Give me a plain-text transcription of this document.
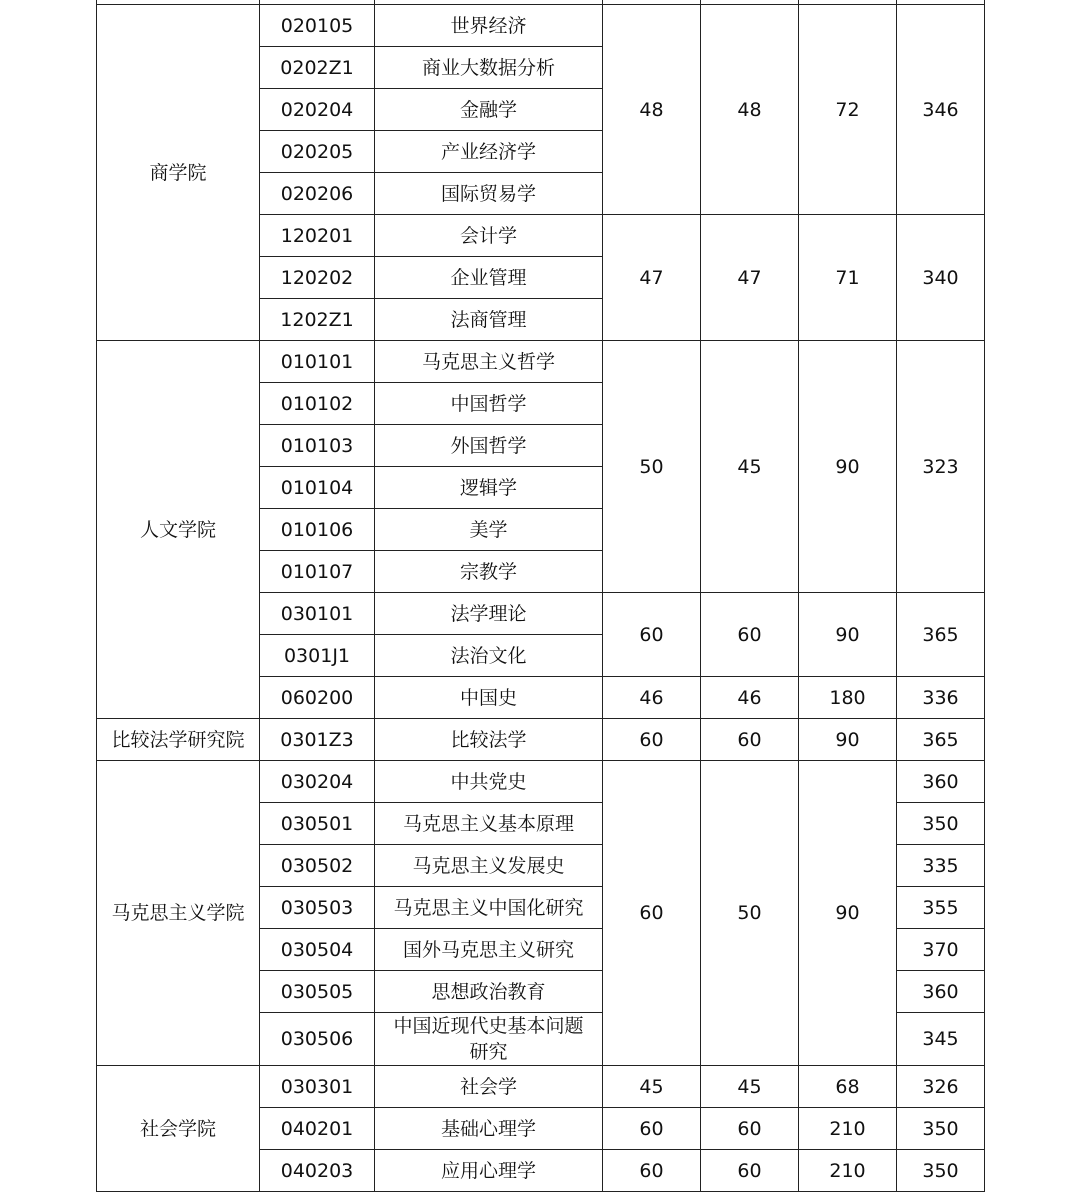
商学院	020105	世界经济	48	48	72	346
	0202Z1	商业大数据分析				
	020204	金融学				
	020205	产业经济学				
	020206	国际贸易学				
	120201	会计学	47	47	71	340
	120202	企业管理				
	1202Z1	法商管理				
人文学院	010101	马克思主义哲学	50	45	90	323
	010102	中国哲学				
	010103	外国哲学				
	010104	逻辑学				
	010106	美学				
	010107	宗教学				
	030101	法学理论	60	60	90	365
	0301J1	法治文化				
	060200	中国史	46	46	180	336
比较法学研究院	0301Z3	比较法学	60	60	90	365
马克思主义学院	030204	中共党史	60	50	90	360
	030501	马克思主义基本原理				350
	030502	马克思主义发展史				335
	030503	马克思主义中国化研究				355
	030504	国外马克思主义研究				370
	030505	思想政治教育				360
	030506	中国近现代史基本问题研究				345
社会学院	030301	社会学	45	45	68	326
	040201	基础心理学	60	60	210	350
	040203	应用心理学	60	60	210	350
